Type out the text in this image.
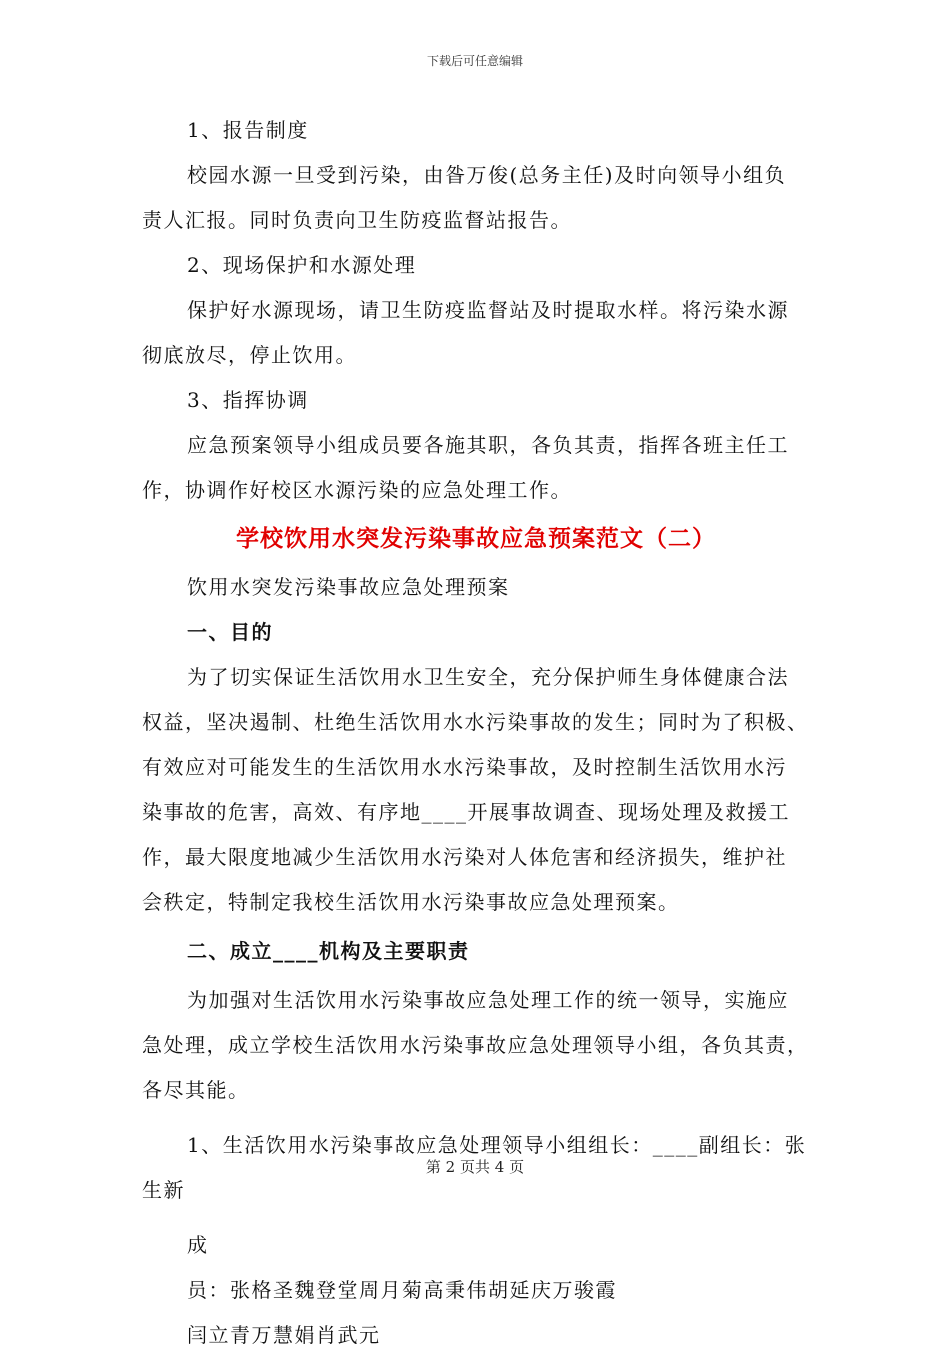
下载后可任意编辑

1、报告制度

校园水源一旦受到污染，由昝万俊(总务主任)及时向领导小组负

责人汇报。同时负责向卫生防疫监督站报告。

2、现场保护和水源处理

保护好水源现场，请卫生防疫监督站及时提取水样。将污染水源

彻底放尽，停止饮用。

3、指挥协调

应急预案领导小组成员要各施其职，各负其责，指挥各班主任工

作，协调作好校区水源污染的应急处理工作。

学校饮用水突发污染事故应急预案范文（二）

饮用水突发污染事故应急处理预案

一、目的

为了切实保证生活饮用水卫生安全，充分保护师生身体健康合法

权益，坚决遏制、杜绝生活饮用水水污染事故的发生；同时为了积极、

有效应对可能发生的生活饮用水水污染事故，及时控制生活饮用水污

染事故的危害，高效、有序地____开展事故调查、现场处理及救援工

作，最大限度地减少生活饮用水污染对人体危害和经济损失，维护社

会秩定，特制定我校生活饮用水污染事故应急处理预案。

二、成立____机构及主要职责

为加强对生活饮用水污染事故应急处理工作的统一领导，实施应

急处理，成立学校生活饮用水污染事故应急处理领导小组，各负其责，

各尽其能。

1、生活饮用水污染事故应急处理领导小组组长：____副组长：张

生新

成

员：张格圣魏登堂周月菊高秉伟胡延庆万骏霞

闫立青万慧娟肖武元

第 2 页共 4 页
